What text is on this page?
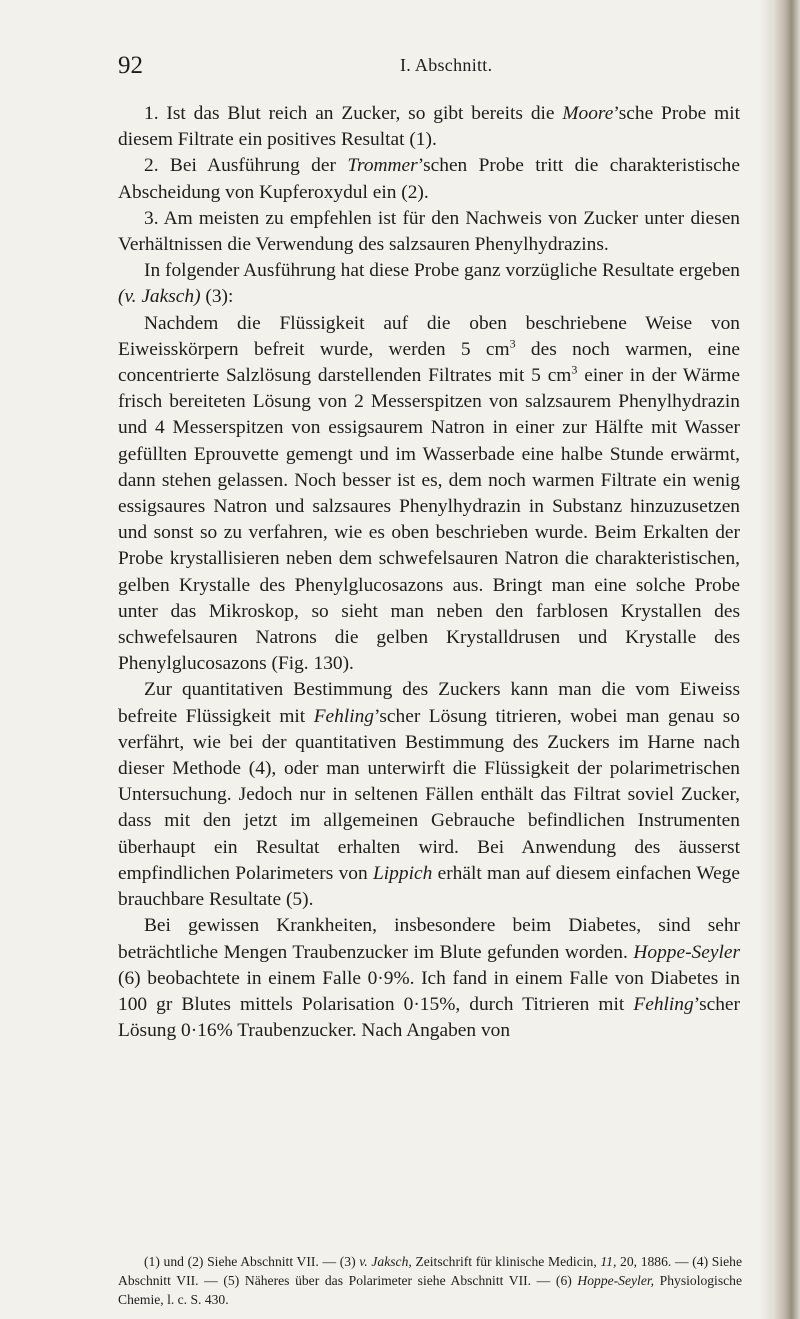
92	I. Abschnitt.

1. Ist das Blut reich an Zucker, so gibt bereits die Moore’sche Probe mit diesem Filtrate ein positives Resultat (1).

2. Bei Ausführung der Trommer’schen Probe tritt die charakteristische Abscheidung von Kupferoxydul ein (2).

3. Am meisten zu empfehlen ist für den Nachweis von Zucker unter diesen Verhältnissen die Verwendung des salzsauren Phenylhydrazins.

In folgender Ausführung hat diese Probe ganz vorzügliche Resultate ergeben (v. Jaksch) (3):

Nachdem die Flüssigkeit auf die oben beschriebene Weise von Eiweisskörpern befreit wurde, werden 5 $cm^3$ des noch warmen, eine concentrierte Salzlösung darstellenden Filtrates mit 5 $cm^3$ einer in der Wärme frisch bereiteten Lösung von 2 Messerspitzen von salzsaurem Phenylhydrazin und 4 Messerspitzen von essigsaurem Natron in einer zur Hälfte mit Wasser gefüllten Eprouvette gemengt und im Wasserbade eine halbe Stunde erwärmt, dann stehen gelassen. Noch besser ist es, dem noch warmen Filtrate ein wenig essigsaures Natron und salzsaures Phenylhydrazin in Substanz hinzuzusetzen und sonst so zu verfahren, wie es oben beschrieben wurde. Beim Erkalten der Probe krystallisieren neben dem schwefelsauren Natron die charakteristischen, gelben Krystalle des Phenylglucosazons aus. Bringt man eine solche Probe unter das Mikroskop, so sieht man neben den farblosen Krystallen des schwefelsauren Natrons die gelben Krystalldrusen und Krystalle des Phenylglucosazons (Fig. 130).

Zur quantitativen Bestimmung des Zuckers kann man die vom Eiweiss befreite Flüssigkeit mit Fehling’scher Lösung titrieren, wobei man genau so verfährt, wie bei der quantitativen Bestimmung des Zuckers im Harne nach dieser Methode (4), oder man unterwirft die Flüssigkeit der polarimetrischen Untersuchung. Jedoch nur in seltenen Fällen enthält das Filtrat soviel Zucker, dass mit den jetzt im allgemeinen Gebrauche befindlichen Instrumenten überhaupt ein Resultat erhalten wird. Bei Anwendung des äusserst empfindlichen Polarimeters von Lippich erhält man auf diesem einfachen Wege brauchbare Resultate (5).

Bei gewissen Krankheiten, insbesondere beim Diabetes, sind sehr beträchtliche Mengen Traubenzucker im Blute gefunden worden. Hoppe-Seyler (6) beobachtete in einem Falle 0·9%. Ich fand in einem Falle von Diabetes in 100 gr Blutes mittels Polarisation 0·15%, durch Titrieren mit Fehling’scher Lösung 0·16% Traubenzucker. Nach Angaben von

(1) und (2) Siehe Abschnitt VII. — (3) v. Jaksch, Zeitschrift für klinische Medicin, 11, 20, 1886. — (4) Siehe Abschnitt VII. — (5) Näheres über das Polarimeter siehe Abschnitt VII. — (6) Hoppe-Seyler, Physiologische Chemie, l. c. S. 430.
